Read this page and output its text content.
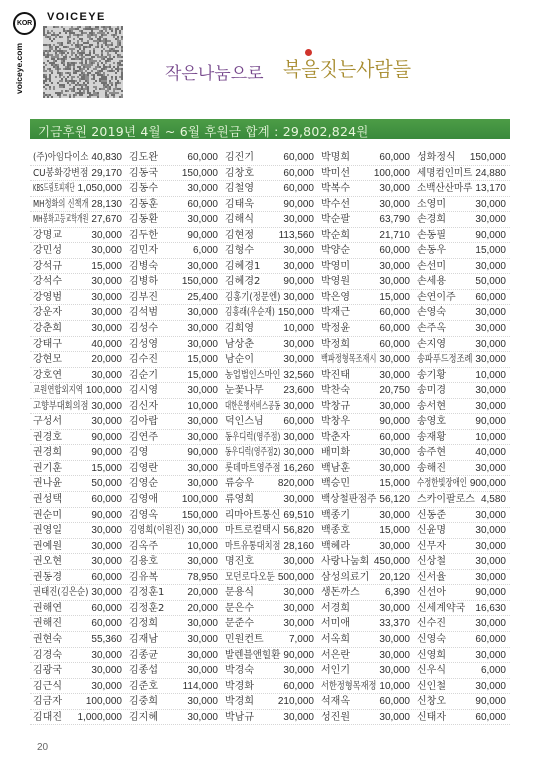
KOR
VOICEYE
voiceye.com	작은나눔으로 복을짓는사람들
기금후원 2019년 4월 ~ 6월 후원금 합계 : 29,802,824원
(주)아임다이소 40,830 김도완	60,000 김진기	60,000 박명희	60,000 성화정식 150,000
CU봉화강변점 29,170 김동국 150,000 김창호	60,000 박미선 100,000 세명컴인미트 24,880
KBS드림토피재단 1,050,000 김동수	30,000 김철영	60,000 박복수	30,000 소백산산마루 13,170
MH청화의 신책개 28,130 김동훈	60,000 김태욱	90,000 박수선	30,000 소영미	30,000
MH봉화고등교학개원 27,670 김동환	30,000 김해식	30,000 박순팔	63,790 손경희	30,000
강명교	30,000 김두한	90,000 김현정 113,560 박순희	21,710 손동필	90,000
강민성	30,000 김민자	6,000 김형수	30,000 박양순	60,000 손동우	15,000
강석규	15,000 김병숙	30,000 김혜경1 30,000 박영미	30,000 손선미	30,000
강석수	30,000 김병하 150,000 김혜경2 90,000 박영원	30,000 손세용	50,000
강영범	30,000 김부진	25,400 김홍기(정문엔) 30,000 박은영	15,000 손연이주 60,000
강운자	30,000 김석범	30,000 김홍래(우순재) 150,000 박재근	60,000 손영숙	30,000
강춘희	30,000 김성수	30,000 김희영	10,000 박정윤	60,000 손주옥	30,000
강태구	40,000 김성영	30,000 남상춘	30,000 박정희	60,000 손지영	30,000
강현모	20,000 김수진	15,000 남순이	30,000 백파정형목조재시 30,000 송파푸드정조례 30,000
강호연	30,000 김순기	15,000 농업법인스마인 32,560 박진태	30,000 송기황	10,000
교원연합외지역 100,000 김시영	30,000 눈꽃나무 23,600 박찬숙	20,750 송미경	30,000
고향부대회의점 30,000 김신자	10,000 대한은행서비스공동 30,000 박창규	30,000 송서현	30,000
구성서	30,000 김아랍	30,000 덕인스님 60,000 박창우	90,000 송영호	90,000
권경호	90,000 김연주	30,000 동우디럭(영주점) 30,000 박춘자	60,000 송재황	10,000
권경희	90,000 김영	90,000 동우디럭(영주점2) 30,000 배미화	30,000 송주현	40,000
권기훈	15,000 김영란	30,000 롯데마트영주점 16,260 백남훈	30,000 송해진	30,000
권나윤	50,000 김영순	30,000 류승우 820,000 백승민	15,000 수정한빛장애인 900,000
권성택	60,000 김영애 100,000 류영희	30,000 백상철판점주 56,120 스카이팔로스 4,580
권순미	90,000 김영옥 150,000 리마아트통신 69,510 백종기	30,000 신동준	30,000
권영일	30,000 김영희(이원진) 30,000 마트로컬택시 56,820 백종호	15,000 신윤명	30,000
권예원	30,000 김옥주	10,000 마트유통대치점 28,160 백혜라	30,000 신무자	30,000
권오현	30,000 김용호	30,000 명진호	30,000 사랑나눔회 450,000 신상철	30,000
권동경	60,000 김유복	78,950 모던로다오둔 500,000 삼성의료기 20,120 신서율	30,000
권태진(김은순) 30,000 김정훈1 20,000 문용식	30,000 생돈까스	6,390 신선아	90,000
권해연	60,000 김정훈2 20,000 문은수	30,000 서경희	30,000 신세계약국 16,630
권해진	60,000 김정희	30,000 문준수	30,000 서미애	33,370 신수진	30,000
권현숙	55,360 김재남	30,000 민원컨트	7,000 서옥희	30,000 신영숙	60,000
김경숙	30,000 김종균	30,000 발렌블앤힐환 90,000 서은란	30,000 신영희	30,000
김광국	30,000 김종섭	30,000 박경숙	30,000 서인기	30,000 신우식	6,000
김근식	30,000 김준호 114,000 박경화	60,000 서한정형목재정 10,000 신인철	30,000
김금자 100,000 김중희	30,000 박경희 210,000 석재옥	60,000 신창오	90,000
김대진 1,000,000 김지혜	30,000 박남규	30,000 성진원	30,000 신태자	60,000
20
